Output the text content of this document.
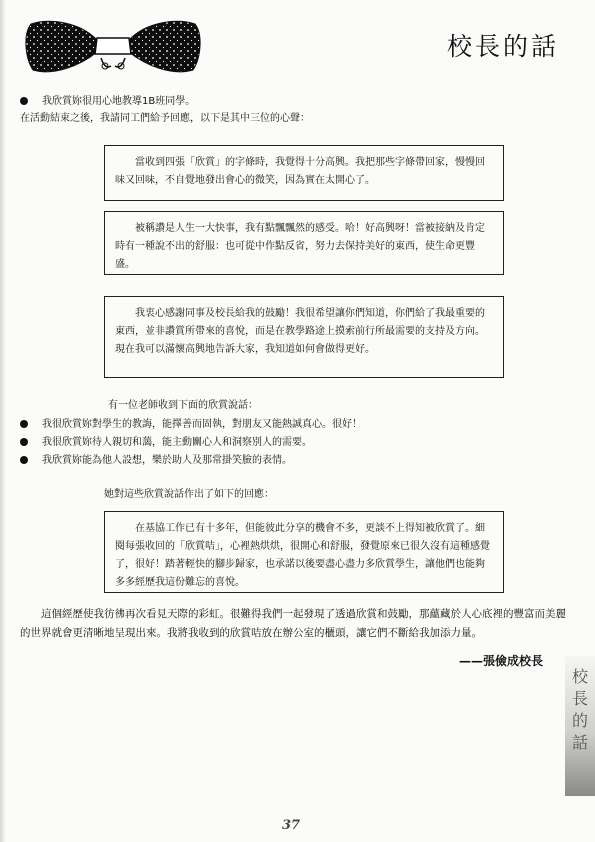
校長的話
我欣賞妳很用心地教導1B班同學。

在活動結束之後，我請同工們給予回應，以下是其中三位的心聲：

當收到四張「欣賞」的字條時，我覺得十分高興。我把那些字條帶回家，慢慢回味又回味，不自覺地發出會心的微笑，因為實在太開心了。

被稱讚是人生一大快事，我有點飄飄然的感受。哈！好高興呀！當被接納及肯定時有一種說不出的舒服：也可從中作點反省，努力去保持美好的東西，使生命更豐盛。

我衷心感謝同事及校長給我的鼓勵！我很希望讓你們知道，你們給了我最重要的東西，並非讚賞所帶來的喜悅，而是在教學路途上摸索前行所最需要的支持及方向。現在我可以滿懷高興地告訴大家，我知道如何會做得更好。

有一位老師收到下面的欣賞說話：

我很欣賞妳對學生的教誨，能擇善而固執，對朋友又能熱誠真心。很好！
我很欣賞妳待人親切和藹，能主動關心人和洞察別人的需要。
我欣賞妳能為他人設想，樂於助人及那常掛笑臉的表情。

她對這些欣賞說話作出了如下的回應：

在基協工作已有十多年，但能彼此分享的機會不多，更談不上得知被欣賞了。細閱每張收回的「欣賞咭」，心裡熱烘烘，很開心和舒服，發覺原來已很久沒有這種感覺了，很好！踏著輕快的腳步歸家，也承諾以後要盡心盡力多欣賞學生，讓他們也能夠多多經歷我這份難忘的喜悅。

這個經歷使我彷彿再次看見天際的彩虹。很難得我們一起發現了透過欣賞和鼓勵，那蘊藏於人心底裡的豐富而美麗的世界就會更清晰地呈現出來。我將我收到的欣賞咭放在辦公室的櫃頭，讓它們不斷給我加添力量。

——張儉成校長
校長的話
37
